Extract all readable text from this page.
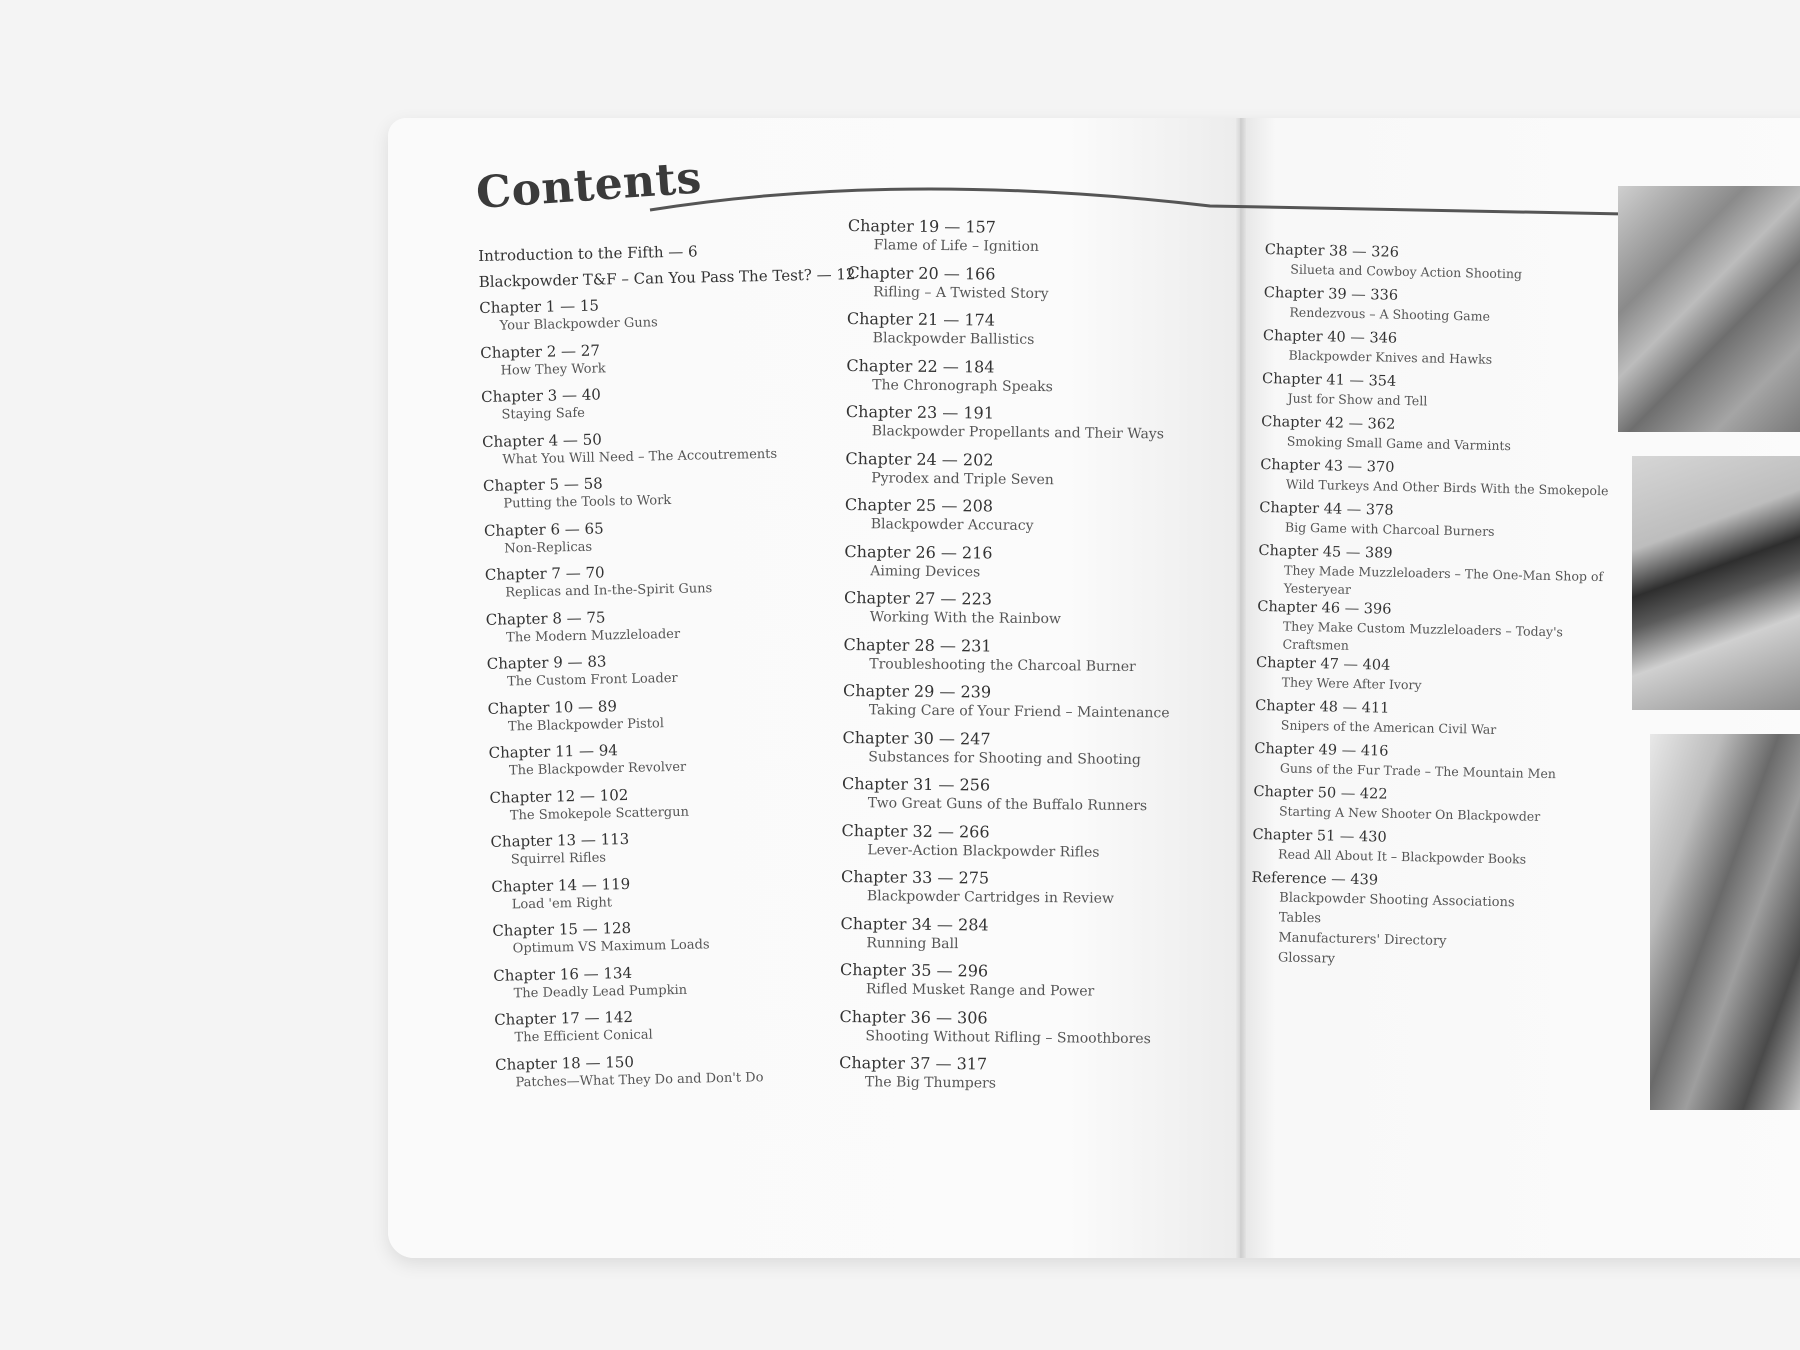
Contents

Introduction to the Fifth — 6

Blackpowder T&F – Can You Pass The Test? — 12

Chapter 1 — 15
Your Blackpowder Guns
Chapter 2 — 27
How They Work
Chapter 3 — 40
Staying Safe
Chapter 4 — 50
What You Will Need – The Accoutrements
Chapter 5 — 58
Putting the Tools to Work
Chapter 6 — 65
Non-Replicas
Chapter 7 — 70
Replicas and In-the-Spirit Guns
Chapter 8 — 75
The Modern Muzzleloader
Chapter 9 — 83
The Custom Front Loader
Chapter 10 — 89
The Blackpowder Pistol
Chapter 11 — 94
The Blackpowder Revolver
Chapter 12 — 102
The Smokepole Scattergun
Chapter 13 — 113
Squirrel Rifles
Chapter 14 — 119
Load 'em Right
Chapter 15 — 128
Optimum VS Maximum Loads
Chapter 16 — 134
The Deadly Lead Pumpkin
Chapter 17 — 142
The Efficient Conical
Chapter 18 — 150
Patches—What They Do and Don't Do
Chapter 19 — 157
Flame of Life – Ignition
Chapter 20 — 166
Rifling – A Twisted Story
Chapter 21 — 174
Blackpowder Ballistics
Chapter 22 — 184
The Chronograph Speaks
Chapter 23 — 191
Blackpowder Propellants and Their Ways
Chapter 24 — 202
Pyrodex and Triple Seven
Chapter 25 — 208
Blackpowder Accuracy
Chapter 26 — 216
Aiming Devices
Chapter 27 — 223
Working With the Rainbow
Chapter 28 — 231
Troubleshooting the Charcoal Burner
Chapter 29 — 239
Taking Care of Your Friend – Maintenance
Chapter 30 — 247
Substances for Shooting and Shooting
Chapter 31 — 256
Two Great Guns of the Buffalo Runners
Chapter 32 — 266
Lever-Action Blackpowder Rifles
Chapter 33 — 275
Blackpowder Cartridges in Review
Chapter 34 — 284
Running Ball
Chapter 35 — 296
Rifled Musket Range and Power
Chapter 36 — 306
Shooting Without Rifling – Smoothbores
Chapter 37 — 317
The Big Thumpers
Chapter 38 — 326
Silueta and Cowboy Action Shooting
Chapter 39 — 336
Rendezvous – A Shooting Game
Chapter 40 — 346
Blackpowder Knives and Hawks
Chapter 41 — 354
Just for Show and Tell
Chapter 42 — 362
Smoking Small Game and Varmints
Chapter 43 — 370
Wild Turkeys And Other Birds With the Smokepole
Chapter 44 — 378
Big Game with Charcoal Burners
Chapter 45 — 389
They Made Muzzleloaders – The One-Man Shop of Yesteryear
Chapter 46 — 396
They Make Custom Muzzleloaders – Today's Craftsmen
Chapter 47 — 404
They Were After Ivory
Chapter 48 — 411
Snipers of the American Civil War
Chapter 49 — 416
Guns of the Fur Trade – The Mountain Men
Chapter 50 — 422
Starting A New Shooter On Blackpowder
Chapter 51 — 430
Read All About It – Blackpowder Books
Reference — 439
Blackpowder Shooting Associations
Tables
Manufacturers' Directory
Glossary
